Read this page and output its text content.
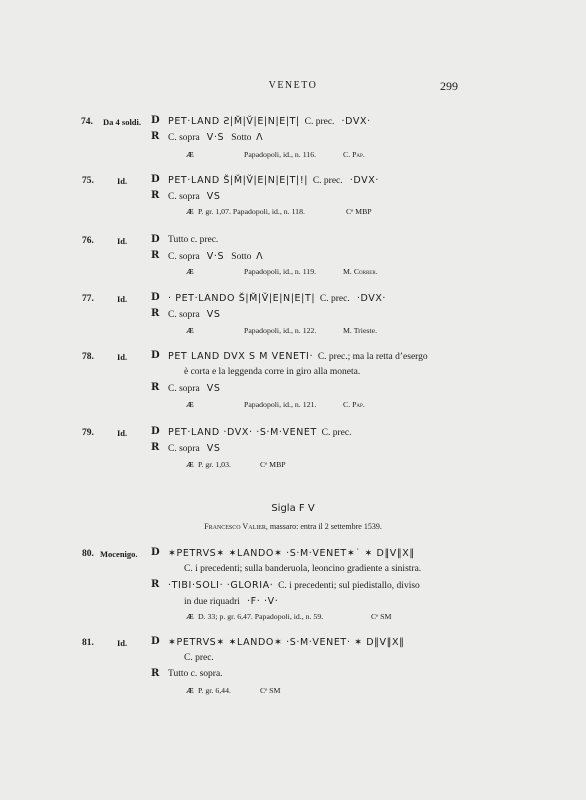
VENETO	299
74. Da 4 soldi. D PET·LAND Ƨ|M̆|V̆|E|N|E|T| C. prec. ·DVX·
R C. sopra V·S Sotto Λ
Æ	Papadopoli, id., n. 116.	C. Pap.
75.	Id. D PET·LAND S̆|M̆|V̆|E|N|E|T|!| C. prec. ·DVX·
R C. sopra VS
Æ P. gr. 1,07. Papadopoli, id., n. 118.	Cᵉ MBP
76.	Id. D Tutto c. prec.
R C. sopra V·S Sotto Λ
Æ	Papadopoli, id., n. 119.	M. Correr.
77.	Id. D · PET·LANDO S̆|M̆|V̆|E|N|E|T| C. prec. ·DVX·
R C. sopra VS
Æ	Papadopoli, id., n. 122.	M. Trieste.
78.	Id. D PET LAND DVX S M VENETI· C. prec.; ma la retta d’esergo
è corta e la leggenda corre in giro alla moneta.
R C. sopra VS
Æ	Papadopoli, id., n. 121.	C. Pap.
79.	Id. D PET·LAND ·DVX· ·S·M·VENET C. prec.
R C. sopra VS
Æ P. gr. 1,03.	Cᵉ MBP
Sigla F V
Francesco Valier, massaro: entra il 2 settembre 1539.
80. Mocenigo. D ✶PETRVS✶ ✶LANDO✶ ·S·M·VENET✶˙ ✶ D‖V‖X‖
C. i precedenti; sulla banderuola, leoncino gradiente a sinistra.
R ·TIBI·SOLI· ·GLORIA· C. i precedenti; sul piedistallo, diviso
in due riquadri ·F· ·V·
Æ D. 33; p. gr. 6,47. Papadopoli, id., n. 59.	Cᵉ SM
81.	Id. D ✶PETRVS✶ ✶LANDO✶ ·S·M·VENET· ✶ D‖V‖X‖
C. prec.
R Tutto c. sopra.
Æ P. gr. 6,44.	Cᵉ SM
